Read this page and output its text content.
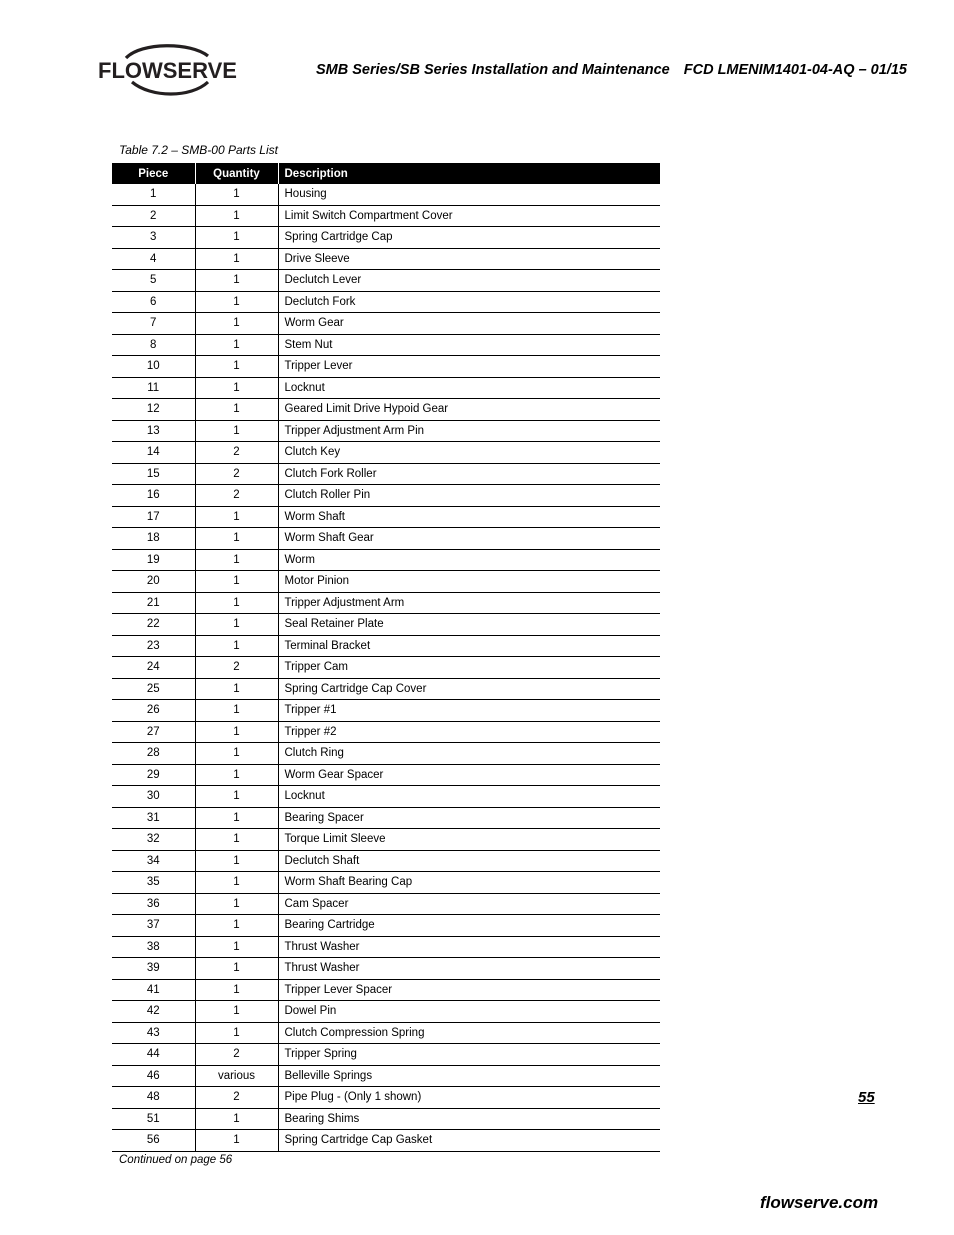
FLOWSERVE	SMB Series/SB Series Installation and Maintenance FCD LMENIM1401-04-AQ – 01/15
Table 7.2 – SMB-00 Parts List
Piece	Quantity	Description
1	1	Housing
2	1	Limit Switch Compartment Cover
3	1	Spring Cartridge Cap
4	1	Drive Sleeve
5	1	Declutch Lever
6	1	Declutch Fork
7	1	Worm Gear
8	1	Stem Nut
10	1	Tripper Lever
11	1	Locknut
12	1	Geared Limit Drive Hypoid Gear
13	1	Tripper Adjustment Arm Pin
14	2	Clutch Key
15	2	Clutch Fork Roller
16	2	Clutch Roller Pin
17	1	Worm Shaft
18	1	Worm Shaft Gear
19	1	Worm
20	1	Motor Pinion
21	1	Tripper Adjustment Arm
22	1	Seal Retainer Plate
23	1	Terminal Bracket
24	2	Tripper Cam
25	1	Spring Cartridge Cap Cover
26	1	Tripper #1
27	1	Tripper #2
28	1	Clutch Ring
29	1	Worm Gear Spacer
30	1	Locknut
31	1	Bearing Spacer
32	1	Torque Limit Sleeve
34	1	Declutch Shaft
35	1	Worm Shaft Bearing Cap
36	1	Cam Spacer
37	1	Bearing Cartridge
38	1	Thrust Washer
39	1	Thrust Washer
41	1	Tripper Lever Spacer
42	1	Dowel Pin
43	1	Clutch Compression Spring
44	2	Tripper Spring
46	various	Belleville Springs
48	2	Pipe Plug - (Only 1 shown)
51	1	Bearing Shims
56	1	Spring Cartridge Cap Gasket
Continued on page 56
55
flowserve.com
